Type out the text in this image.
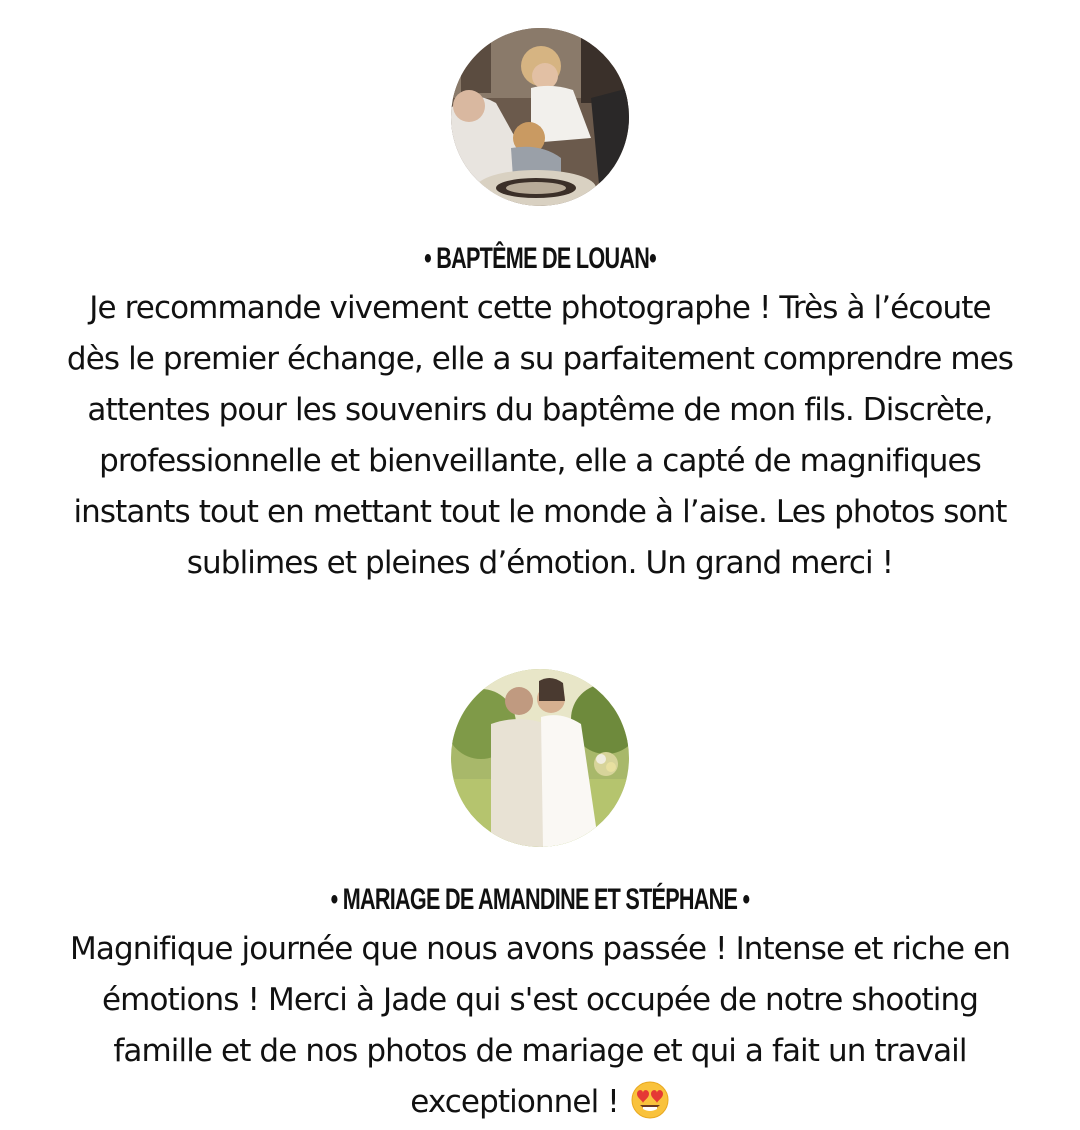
• BAPTÊME DE LOUAN•

Je recommande vivement cette photographe ! Très à l’écoute dès le premier échange, elle a su parfaitement comprendre mes attentes pour les souvenirs du baptême de mon fils. Discrète, professionnelle et bienveillante, elle a capté de magnifiques instants tout en mettant tout le monde à l’aise. Les photos sont sublimes et pleines d’émotion. Un grand merci !

• MARIAGE DE AMANDINE ET STÉPHANE •

Magnifique journée que nous avons passée ! Intense et riche en émotions ! Merci à Jade qui s'est occupée de notre shooting famille et de nos photos de mariage et qui a fait un travail exceptionnel !
